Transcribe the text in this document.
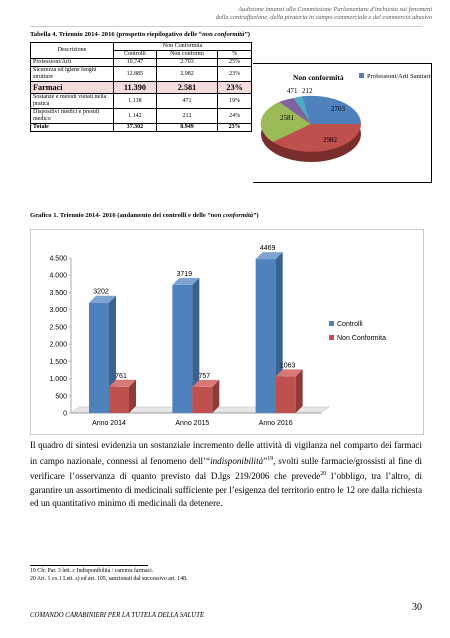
Audizione innanzi alla Commissione Parlamentare d'inchiesta sui fenomeni
della contraffazione, della pirateria in campo commerciale e del commercio abusivo
Tabella 4. Triennio 2014- 2016 (prospetto riepilogativo delle “non conformità”)
Descrizione	Non Conformità		
	Controlli	Non conformi	%
Professioni/Arti	10.747	2.703	25%
Sicurezza ed igiene luoghi strutture	12.885	2.982	23%
Farmaci	11.390	2.581	23%
Sostanze e metodi vietati nella pratica	1.138	471	19%
Dispositivi medici e presidi medico	1.142	212	24%
Totale	37.302	8.949	23%
Non conformità	Professioni/Arti Sanitarie
2703
2982
2581
471 212
Grafico 1. Triennio 2014- 2016 (andamento dei controlli e delle “non conformità”)
0
500
1.000
1.500
2.000
2.500
3.000
3.500
4.000
4.500
3202
761
Anno 2014
3719
757
Anno 2015
4469
1063
Anno 2016
Controlli
Non Conformita
Il quadro di sintesi evidenzia un sostanziale incremento delle attività di vigilanza nel comparto dei farmaci in campo nazionale, connessi al fenomeno dell’“indisponibilità”$^{19}$, svolti sulle farmacie/grossisti al fine di verificare l’osservanza di quanto previsto dal D.lgs 219/2006 che prevede$^{20}$ l’obbligo, tra l’altro, di garantire un assortimento di medicinali sufficiente per l’esigenza del territorio entro le 12 ore dalla richiesta ed un quantitativo minimo di medicinali da detenere.
19 Cfr. Par. 3 lett. c Indisponibilità / carenza farmaci.
20 Art. 1 co.1 Lett. s) ed art. 105, sanzionati dal successivo art. 148.
30
COMANDO CARABINIERI PER LA TUTELA DELLA SALUTE
